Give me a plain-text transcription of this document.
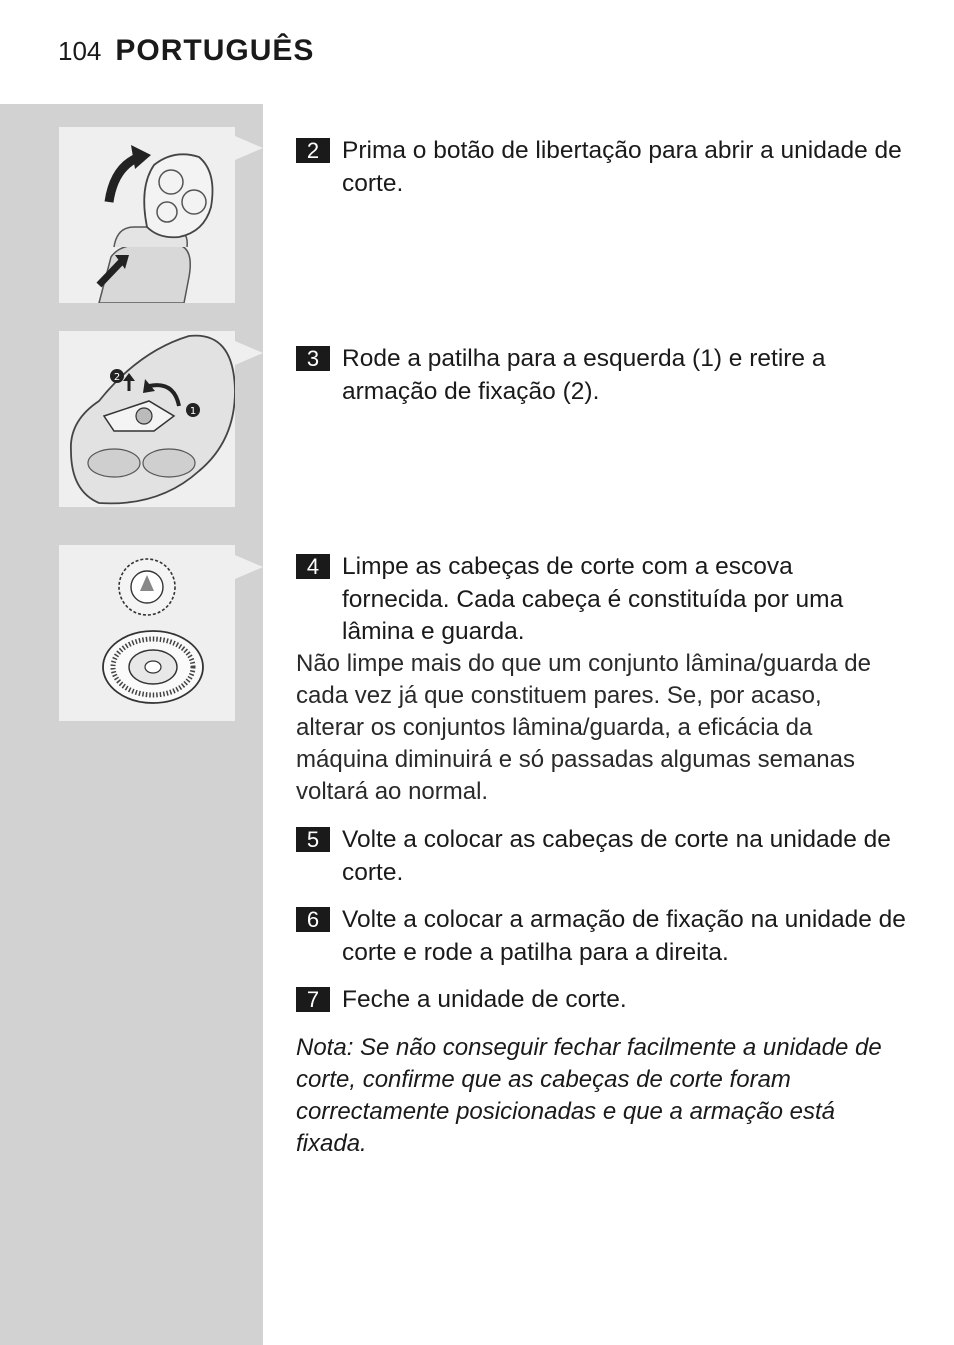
104 PORTUGUÊS
2
1
2 Prima o botão de libertação para abrir a unidade de corte.
3 Rode a patilha para a esquerda (1) e retire a armação de fixação (2).
4 Limpe as cabeças de corte com a escova fornecida. Cada cabeça é constituída por uma lâmina e guarda.
Não limpe mais do que um conjunto lâmina/guarda de cada vez já que constituem pares. Se, por acaso, alterar os conjuntos lâmina/guarda, a eficácia da máquina diminuirá e só passadas algumas semanas voltará ao normal.
5 Volte a colocar as cabeças de corte na unidade de corte.
6 Volte a colocar a armação de fixação na unidade de corte e rode a patilha para a direita.
7 Feche a unidade de corte.
Nota: Se não conseguir fechar facilmente a unidade de corte, confirme que as cabeças de corte foram correctamente posicionadas e que a armação está fixada.
